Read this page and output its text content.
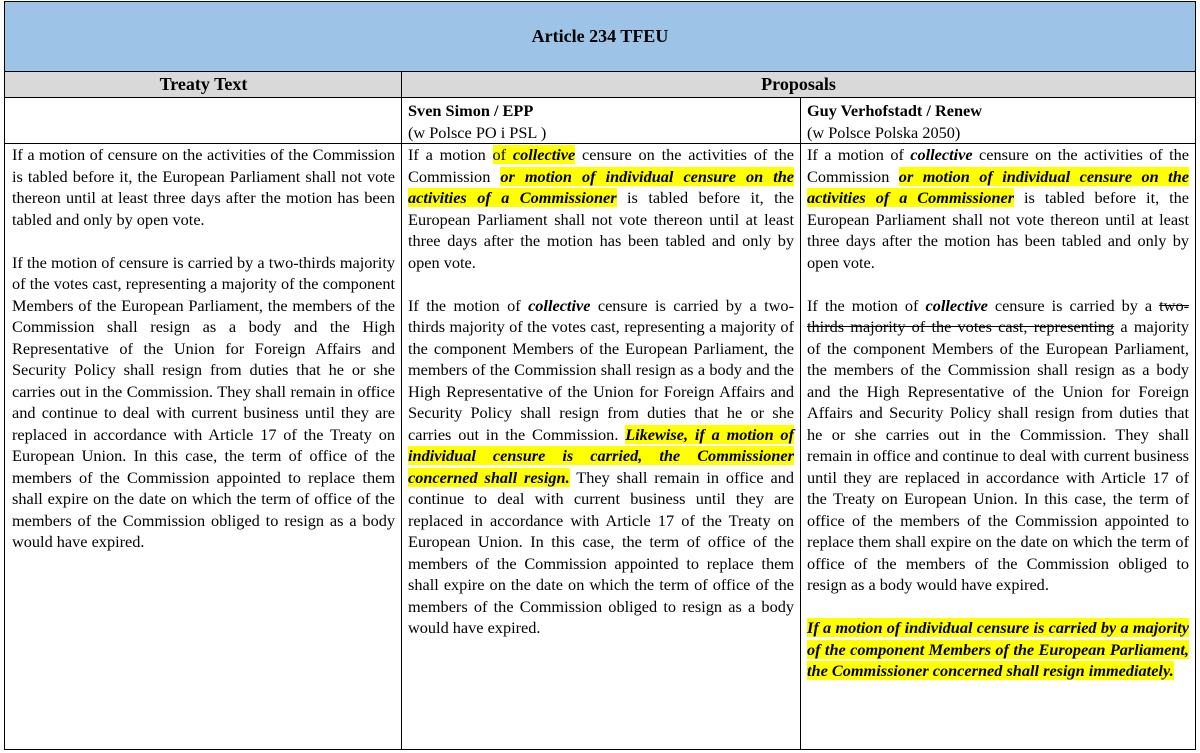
Article 234 TFEU
Treaty Text	Proposals

Sven Simon / EPP

(w Polsce PO i PSL )

Guy Verhofstadt / Renew

(w Polsce Polska 2050)

If a motion of censure on the activities of the Commission is tabled before it, the European Parliament shall not vote thereon until at least three days after the motion has been tabled and only by open vote.

If the motion of censure is carried by a two-thirds majority of the votes cast, representing a majority of the component Members of the European Parliament, the members of the Commission shall resign as a body and the High Representative of the Union for Foreign Affairs and Security Policy shall resign from duties that he or she carries out in the Commission. They shall remain in office and continue to deal with current business until they are replaced in accordance with Article 17 of the Treaty on European Union. In this case, the term of office of the members of the Commission appointed to replace them shall expire on the date on which the term of office of the members of the Commission obliged to resign as a body would have expired.

If a motion of collective censure on the activities of the Commission or motion of individual censure on the activities of a Commissioner is tabled before it, the European Parliament shall not vote thereon until at least three days after the motion has been tabled and only by open vote.

If the motion of collective censure is carried by a two-thirds majority of the votes cast, representing a majority of the component Members of the European Parliament, the members of the Commission shall resign as a body and the High Representative of the Union for Foreign Affairs and Security Policy shall resign from duties that he or she carries out in the Commission. Likewise, if a motion of individual censure is carried, the Commissioner concerned shall resign. They shall remain in office and continue to deal with current business until they are replaced in accordance with Article 17 of the Treaty on European Union. In this case, the term of office of the members of the Commission appointed to replace them shall expire on the date on which the term of office of the members of the Commission obliged to resign as a body would have expired.

If a motion of collective censure on the activities of the Commission or motion of individual censure on the activities of a Commissioner is tabled before it, the European Parliament shall not vote thereon until at least three days after the motion has been tabled and only by open vote.

If the motion of collective censure is carried by a two-thirds majority of the votes cast, representing a majority of the component Members of the European Parliament, the members of the Commission shall resign as a body and the High Representative of the Union for Foreign Affairs and Security Policy shall resign from duties that he or she carries out in the Commission. They shall remain in office and continue to deal with current business until they are replaced in accordance with Article 17 of the Treaty on European Union. In this case, the term of office of the members of the Commission appointed to replace them shall expire on the date on which the term of office of the members of the Commission obliged to resign as a body would have expired.

If a motion of individual censure is carried by a majority of the component Members of the European Parliament, the Commissioner concerned shall resign immediately.
